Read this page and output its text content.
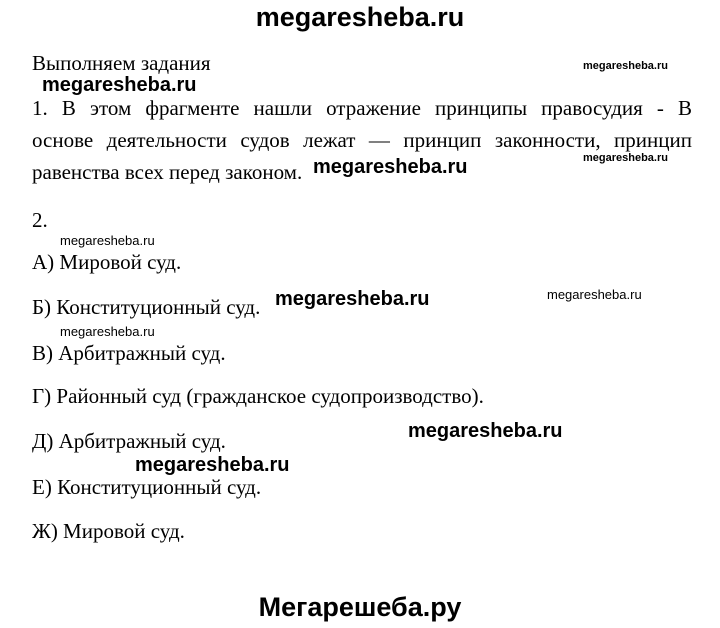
megaresheba.ru
Выполняем задания
megaresheba.ru
megaresheba.ru
1. В этом фрагменте нашли отражение принципы правосудия - В
основе деятельности судов лежат — принцип законности, принцип
равенства всех перед законом.
megaresheba.ru
megaresheba.ru
2.
megaresheba.ru
А) Мировой суд.
Б) Конституционный суд. megaresheba.ru	megaresheba.ru
megaresheba.ru
В) Арбитражный суд.
Г) Районный суд (гражданское судопроизводство).
Д) Арбитражный суд.	megaresheba.ru
megaresheba.ru
Е) Конституционный суд.
Ж) Мировой суд.
Мегарешеба.ру
